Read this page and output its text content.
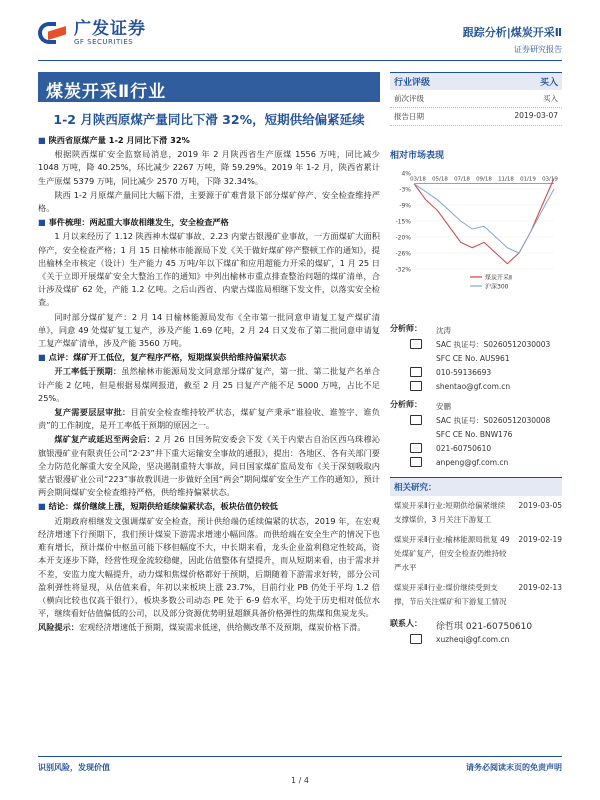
广发证券
GF SECURITIES
跟踪分析|煤炭开采Ⅱ
证券研究报告
煤炭开采Ⅱ行业
1-2 月陕西原煤产量同比下滑 32%，短期供给偏紧延续

■ 陕西省原煤产量 1-2 月同比下滑 32%

根据陕西煤矿安全监察局消息，2019 年 2 月陕西省生产原煤 1556 万吨，同比减少 1048 万吨，降 40.25%，环比减少 2267 万吨，降 59.29%。2019 年 1-2 月，陕西省累计生产原煤 5379 万吨，同比减少 2570 万吨，下降 32.34%。

陕西 1-2 月原煤产量同比大幅下滑，主要源于矿难背景下部分煤矿停产、安全检查维持严格。

■ 事件梳理：两起重大事故相继发生，安全检查严格

1 月以来经历了 1.12 陕西神木煤矿事故、2.23 内蒙古银漫矿业事故，一方面煤矿大面积停产，安全检查严格；1 月 15 日榆林市能源局下发《关于做好煤矿停产整顿工作的通知》，提出榆林全市核定（设计）生产能力 45 万吨/年以下煤矿和应用超能力开采的煤矿，1 月 25 日《关于立即开展煤矿安全大整治工作的通知》中列出榆林市重点排查整治问题的煤矿清单，合计涉及煤矿 62 处，产能 1.2 亿吨。之后山西省、内蒙古煤监局相继下发文件，以落实安全检查。

同时部分煤矿复产：2 月 14 日榆林能源局发布《全市第一批同意申请复工复产煤矿清单》，同意 49 处煤矿复工复产，涉及产能 1.69 亿吨，2 月 24 日又发布了第二批同意申请复工复产煤矿清单，涉及产能 3560 万吨。

■ 点评：煤矿开工低位，复产程序严格，短期煤炭供给维持偏紧状态

开工率低于预期：虽然榆林市能源局发文同意部分煤矿复产，第一批、第二批复产名单合计产能 2 亿吨，但是根据易煤网报道，截至 2 月 25 日复产产能不足 5000 万吨，占比不足 25%。

复产需要层层审批：目前安全检查维持较严状态，煤矿复产秉承“谁验收、谁签字、谁负责”的工作制度，是开工率低于预期的原因之一。

煤矿复产或延迟至两会后：2 月 26 日国务院安委会下发《关于内蒙古自治区西乌珠穆沁旗银漫矿业有限责任公司“2·23”井下重大运输安全事故的通报》，提出：各地区、各有关部门要全力防范化解重大安全风险，坚决遏制重特大事故，同日国家煤矿监局发布《关于深刻吸取内蒙古银漫矿业公司“223”事故教训进一步做好全国“两会”期间煤矿安全生产工作的通知》，预计两会期间煤矿安全检查维持严格，供给维持偏紧状态。

■ 结论：煤价继续上涨，短期供给延续偏紧状态，板块估值仍较低

近期政府相继发文强调煤矿安全检查，预计供给端仍延续偏紧的状态，2019 年，在宏观经济增速下行预期下，我们预计煤炭下游需求增速小幅回落。而供给端在安全生产的情况下也难有增长，预计煤价中枢虽可能下移但幅度不大，中长期来看，龙头企业盈利稳定性较高，资本开支逐步下降，经营性现金流较稳健，因此估值整体有望提升，而从短期来看，由于需求并不差，安监力度大幅提升，动力煤和焦煤价格都好于预期，后期随着下游需求好转，部分公司盈利弹性将显现，从估值来看，年初以来板块上涨 23.7%，目前行业 PB 仍处于平均 1.2 倍（横向比较也仅高于银行），板块多数公司动态 PE 处于 6-9 倍水平，均处于历史相对低位水平，继续看好估值偏低的公司，以及部分资源优势明显超额具备价格弹性的焦煤和焦炭龙头。

风险提示：宏观经济增速低于预期，煤炭需求低迷，供给侧改革不及预期，煤炭价格下滑。

行业评级	买入
前次评级	买入
报告日期	2019-03-07
相对市场表现
4%
-3%
-9%
-15%
-20%
-26%
-32%
03/18 05/18 07/18 09/18 11/18 01/19 03/19
煤炭开采Ⅱ
沪深300
分析师： 沈涛
SAC 执证号：S0260512030003
SFC CE No. AUS961
010-59136693
shentao@gf.com.cn
分析师： 安鹏
SAC 执证号：S0260512030008
SFC CE No. BNW176
021-60750610
anpeng@gf.com.cn
相关研究：
煤炭开采Ⅱ行业:短期供给偏紧继续支撑煤价，3 月关注下游复工
2019-03-05
煤炭开采Ⅱ行业:榆林能源局批复 49 处煤矿复产，但安全检查仍维持较严水平
2019-02-19
煤炭开采Ⅱ行业:煤价继续受到支撑，节后关注煤矿和下游复工情况
2019-02-13
联系人： 徐哲琪 021-60750610
xuzheqi@gf.com.cn
识别风险，发现价值	请务必阅读末页的免责声明
1 / 4
